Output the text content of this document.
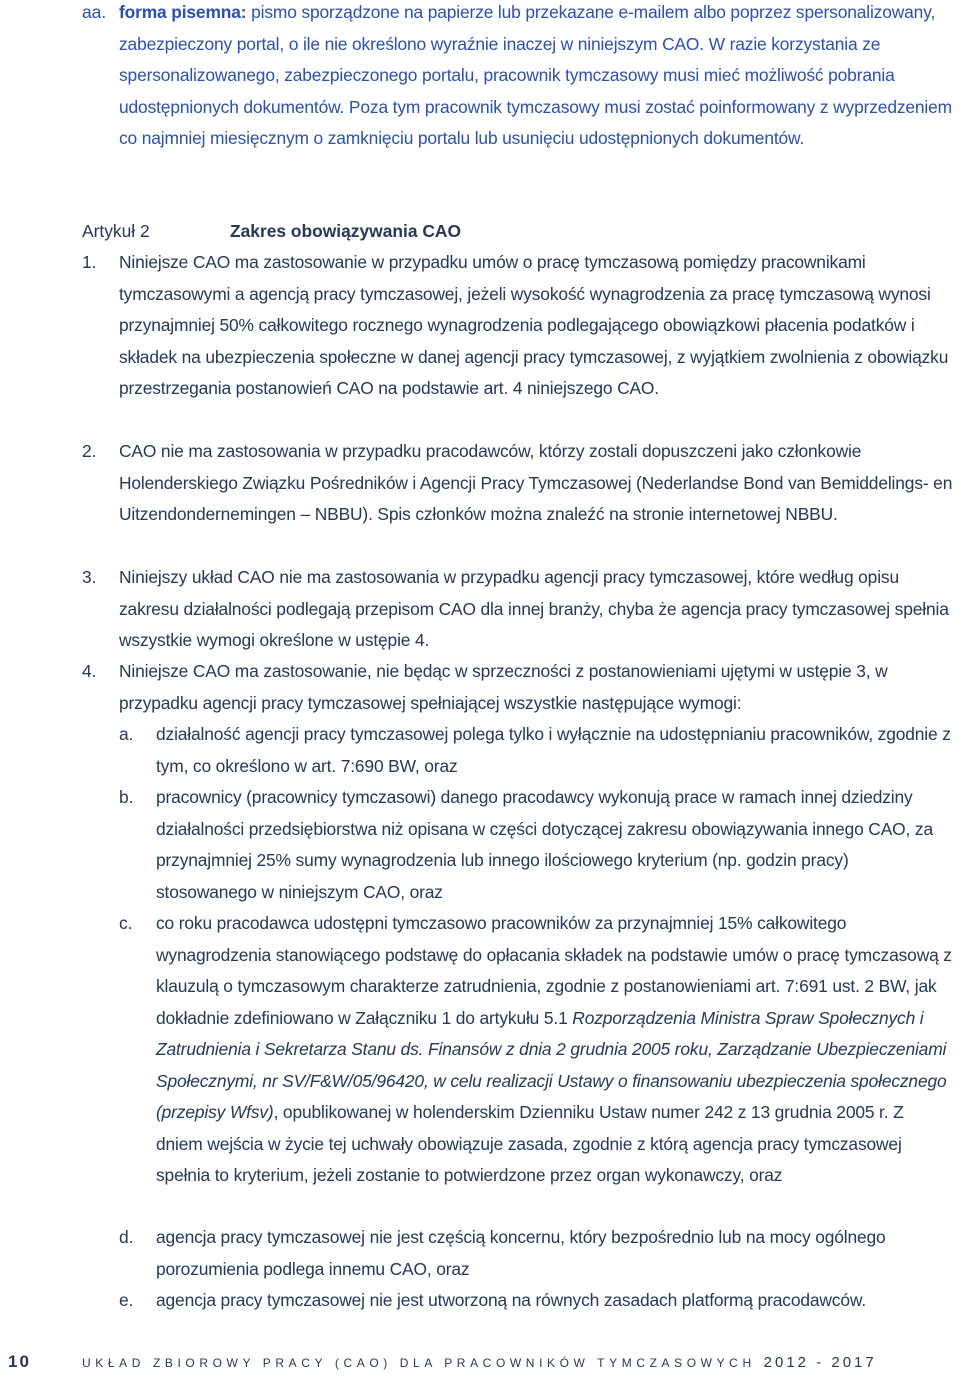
aa. forma pisemna: pismo sporządzone na papierze lub przekazane e-mailem albo poprzez spersonalizowany, zabezpieczony portal, o ile nie określono wyraźnie inaczej w niniejszym CAO. W razie korzystania ze spersonalizowanego, zabezpieczonego portalu, pracownik tymczasowy musi mieć możliwość pobrania udostępnionych dokumentów. Poza tym pracownik tymczasowy musi zostać poinformowany z wyprzedzeniem co najmniej miesięcznym o zamknięciu portalu lub usunięciu udostępnionych dokumentów.
Artykuł 2	Zakres obowiązywania CAO
1. Niniejsze CAO ma zastosowanie w przypadku umów o pracę tymczasową pomiędzy pracownikami tymczasowymi a agencją pracy tymczasowej, jeżeli wysokość wynagrodzenia za pracę tymczasową wynosi przynajmniej 50% całkowitego rocznego wynagrodzenia podlegającego obowiązkowi płacenia podatków i składek na ubezpieczenia społeczne w danej agencji pracy tymczasowej, z wyjątkiem zwolnienia z obowiązku przestrzegania postanowień CAO na podstawie art. 4 niniejszego CAO.
2. CAO nie ma zastosowania w przypadku pracodawców, którzy zostali dopuszczeni jako członkowie Holenderskiego Związku Pośredników i Agencji Pracy Tymczasowej (Nederlandse Bond van Bemiddelings- en Uitzendondernemingen – NBBU). Spis członków można znaleźć na stronie internetowej NBBU.
3. Niniejszy układ CAO nie ma zastosowania w przypadku agencji pracy tymczasowej, które według opisu zakresu działalności podlegają przepisom CAO dla innej branży, chyba że agencja pracy tymczasowej spełnia wszystkie wymogi określone w ustępie 4.
4. Niniejsze CAO ma zastosowanie, nie będąc w sprzeczności z postanowieniami ujętymi w ustępie 3, w przypadku agencji pracy tymczasowej spełniającej wszystkie następujące wymogi:
a. działalność agencji pracy tymczasowej polega tylko i wyłącznie na udostępnianiu pracowników, zgodnie z tym, co określono w art. 7:690 BW, oraz
b. pracownicy (pracownicy tymczasowi) danego pracodawcy wykonują prace w ramach innej dziedziny działalności przedsiębiorstwa niż opisana w części dotyczącej zakresu obowiązywania innego CAO, za przynajmniej 25% sumy wynagrodzenia lub innego ilościowego kryterium (np. godzin pracy) stosowanego w niniejszym CAO, oraz
c. co roku pracodawca udostępni tymczasowo pracowników za przynajmniej 15% całkowitego wynagrodzenia stanowiącego podstawę do opłacania składek na podstawie umów o pracę tymczasową z klauzulą o tymczasowym charakterze zatrudnienia, zgodnie z postanowieniami art. 7:691 ust. 2 BW, jak dokładnie zdefiniowano w Załączniku 1 do artykułu 5.1 Rozporządzenia Ministra Spraw Społecznych i Zatrudnienia i Sekretarza Stanu ds. Finansów z dnia 2 grudnia 2005 roku, Zarządzanie Ubezpieczeniami Społecznymi, nr SV/F&W/05/96420, w celu realizacji Ustawy o finansowaniu ubezpieczenia społecznego (przepisy Wfsv), opublikowanej w holenderskim Dzienniku Ustaw numer 242 z 13 grudnia 2005 r. Z dniem wejścia w życie tej uchwały obowiązuje zasada, zgodnie z którą agencja pracy tymczasowej spełnia to kryterium, jeżeli zostanie to potwierdzone przez organ wykonawczy, oraz
d. agencja pracy tymczasowej nie jest częścią koncernu, który bezpośrednio lub na mocy ogólnego porozumienia podlega innemu CAO, oraz
e. agencja pracy tymczasowej nie jest utworzoną na równych zasadach platformą pracodawców.
10	UKŁAD ZBIOROWY PRACY (CAO) DLA PRACOWNIKÓW TYMCZASOWYCH 2012 - 2017
